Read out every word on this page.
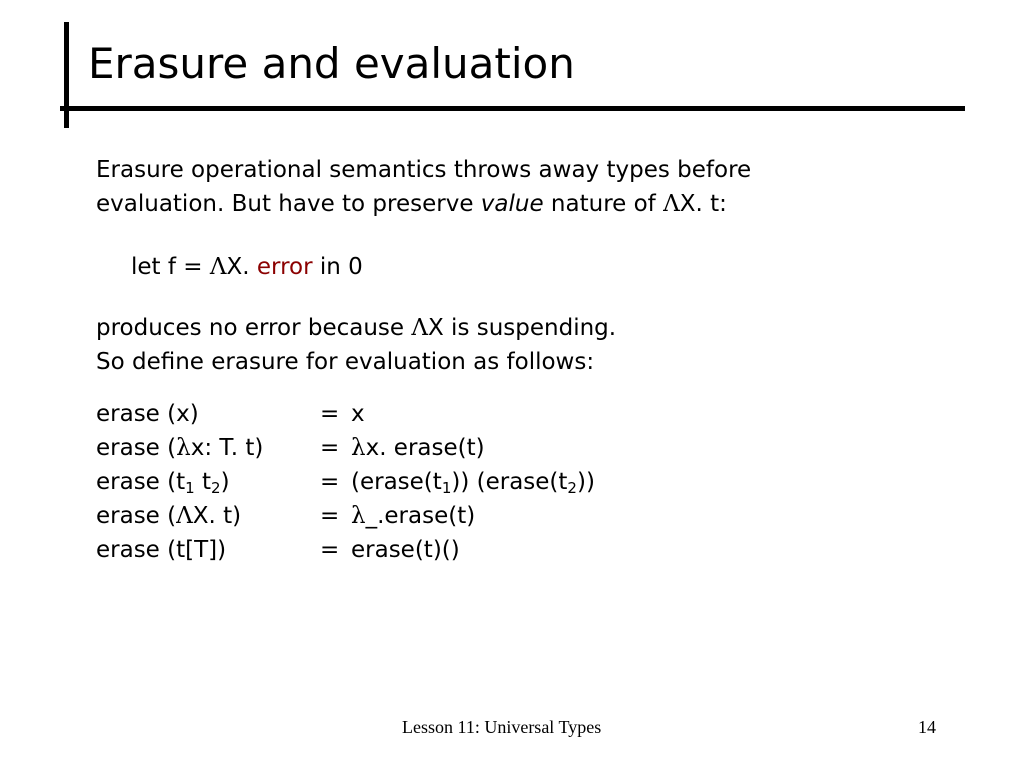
Erasure and evaluation
Erasure operational semantics throws away types before
evaluation. But have to preserve value nature of ΛX. t:
let f = ΛX. error in 0
produces no error because ΛX is suspending.
So define erasure for evaluation as follows:
erase (x)	= x
erase (λx: T. t) = λx. erase(t)
erase ($t_1$ $t_2$)	= $(erase(t_1))$ $(erase(t_2))$
erase (ΛX. t)	= λ_.erase(t)
erase (t[T])	= erase(t)()
Lesson 11: Universal Types	14
